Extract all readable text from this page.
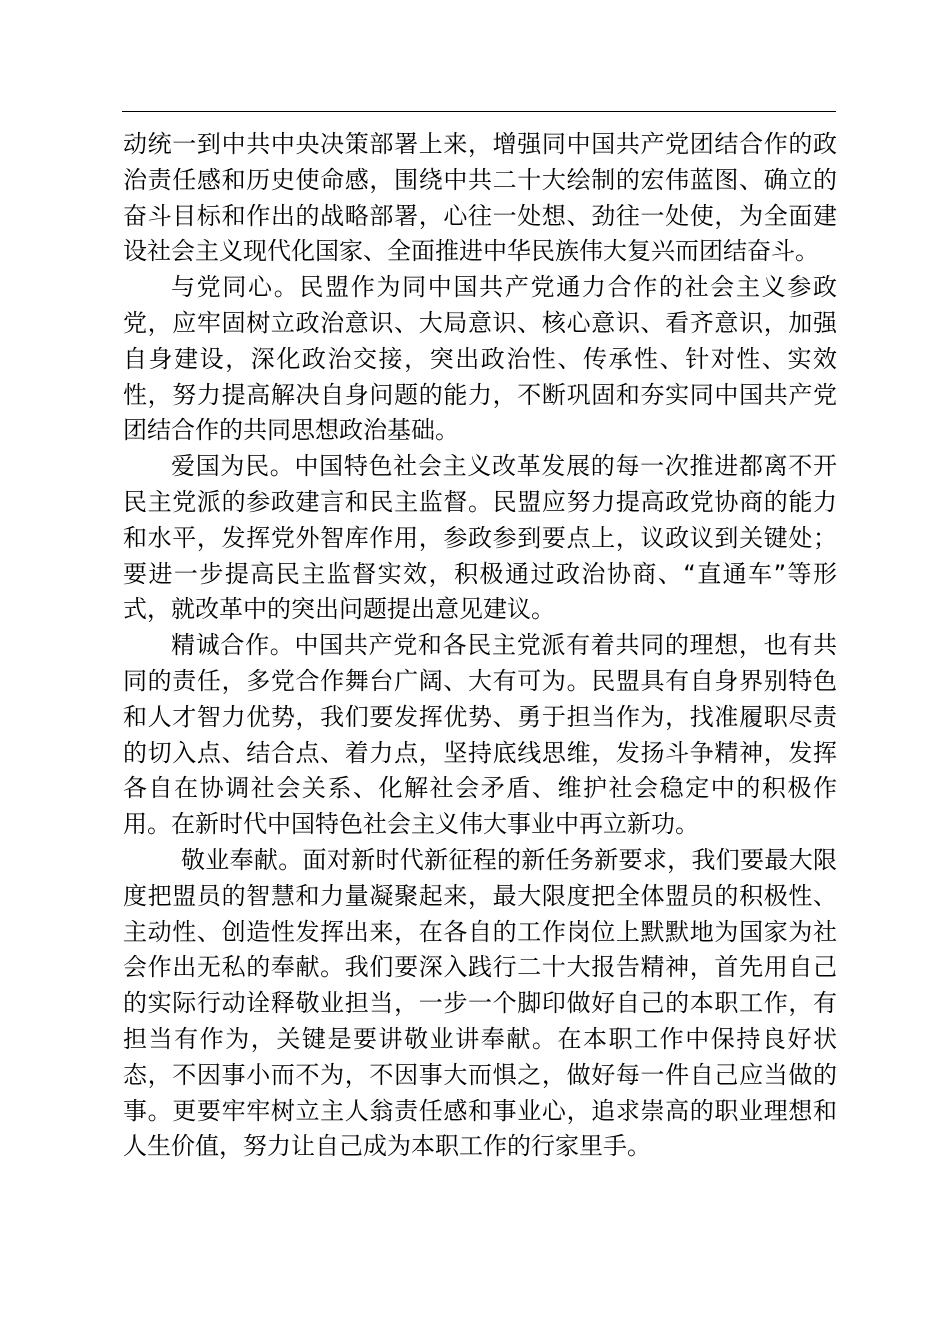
动统一到中共中央决策部署上来，增强同中国共产党团结合作的政治责任感和历史使命感，围绕中共二十大绘制的宏伟蓝图、确立的奋斗目标和作出的战略部署，心往一处想、劲往一处使，为全面建设社会主义现代化国家、全面推进中华民族伟大复兴而团结奋斗。

与党同心。民盟作为同中国共产党通力合作的社会主义参政党，应牢固树立政治意识、大局意识、核心意识、看齐意识，加强自身建设，深化政治交接，突出政治性、传承性、针对性、实效性，努力提高解决自身问题的能力，不断巩固和夯实同中国共产党团结合作的共同思想政治基础。

爱国为民。中国特色社会主义改革发展的每一次推进都离不开民主党派的参政建言和民主监督。民盟应努力提高政党协商的能力和水平，发挥党外智库作用，参政参到要点上，议政议到关键处；要进一步提高民主监督实效，积极通过政治协商、“直通车”等形式，就改革中的突出问题提出意见建议。

精诚合作。中国共产党和各民主党派有着共同的理想，也有共同的责任，多党合作舞台广阔、大有可为。民盟具有自身界别特色和人才智力优势，我们要发挥优势、勇于担当作为，找准履职尽责的切入点、结合点、着力点，坚持底线思维，发扬斗争精神，发挥各自在协调社会关系、化解社会矛盾、维护社会稳定中的积极作用。在新时代中国特色社会主义伟大事业中再立新功。

敬业奉献。面对新时代新征程的新任务新要求，我们要最大限度把盟员的智慧和力量凝聚起来，最大限度把全体盟员的积极性、主动性、创造性发挥出来，在各自的工作岗位上默默地为国家为社会作出无私的奉献。我们要深入践行二十大报告精神，首先用自己的实际行动诠释敬业担当，一步一个脚印做好自己的本职工作，有担当有作为，关键是要讲敬业讲奉献。在本职工作中保持良好状态，不因事小而不为，不因事大而惧之，做好每一件自己应当做的事。更要牢牢树立主人翁责任感和事业心，追求崇高的职业理想和人生价值，努力让自己成为本职工作的行家里手。
